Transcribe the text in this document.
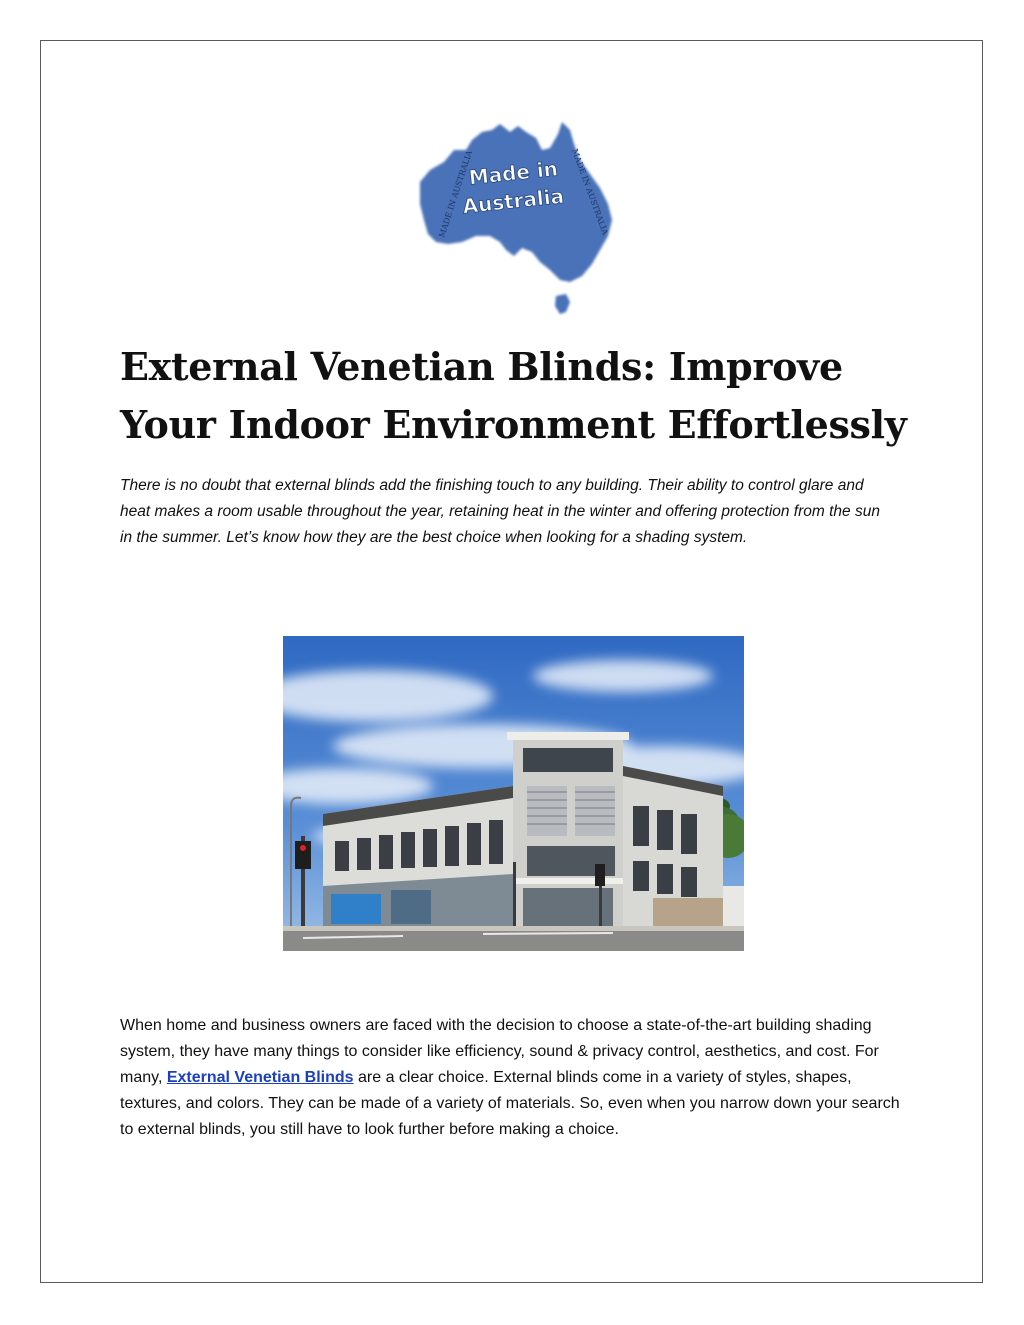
MADE IN AUSTRALIA	MADE IN AUSTRALIA
Made in
Australia
External Venetian Blinds: Improve Your Indoor Environment Effortlessly

There is no doubt that external blinds add the finishing touch to any building. Their ability to control glare and heat makes a room usable throughout the year, retaining heat in the winter and offering protection from the sun in the summer. Let’s know how they are the best choice when looking for a shading system.

When home and business owners are faced with the decision to choose a state-of-the-art building shading system, they have many things to consider like efficiency, sound & privacy control, aesthetics, and cost. For many, External Venetian Blinds are a clear choice. External blinds come in a variety of styles, shapes, textures, and colors. They can be made of a variety of materials. So, even when you narrow down your search to external blinds, you still have to look further before making a choice.
